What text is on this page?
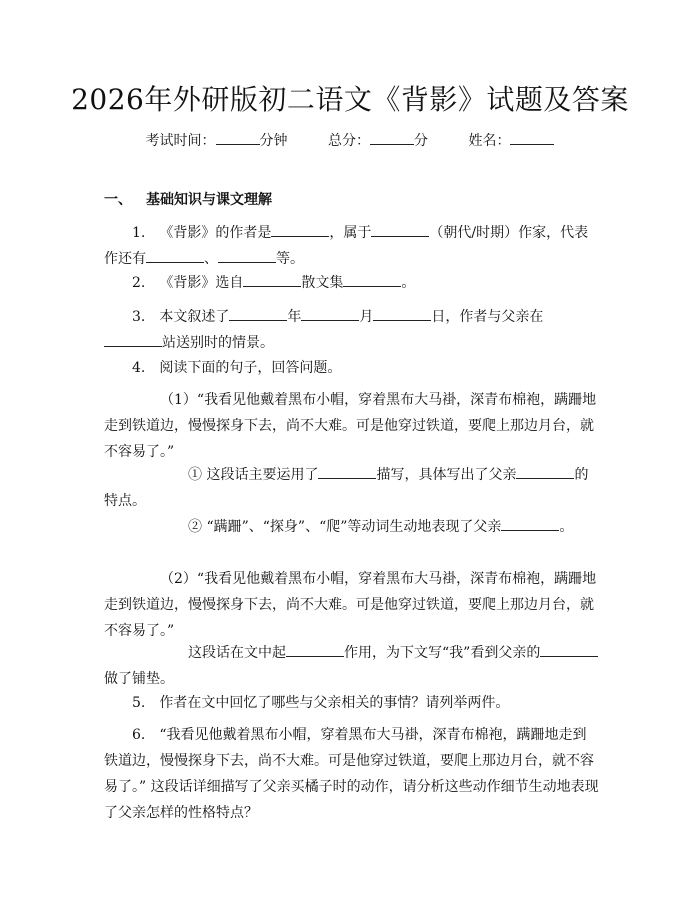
2026年外研版初二语文《背影》试题及答案
考试时间：	分钟	总分：	分	姓名：
一、 基础知识与课文理解
1. 《背影》的作者是	，属于	（朝代/时期）作家，代表作还有	、	等。
2. 《背影》选自	散文集	。
3. 本文叙述了	年	月	日，作者与父亲在站送别时的情景。
4. 阅读下面的句子，回答问题。
（1）“我看见他戴着黑布小帽，穿着黑布大马褂，深青布棉袍，蹒跚地走到铁道边，慢慢探身下去，尚不大难。可是他穿过铁道，要爬上那边月台，就不容易了。”
① 这段话主要运用了	描写，具体写出了父亲	的特点。
② “蹒跚”、“探身”、“爬”等动词生动地表现了父亲	。
（2）“我看见他戴着黑布小帽，穿着黑布大马褂，深青布棉袍，蹒跚地走到铁道边，慢慢探身下去，尚不大难。可是他穿过铁道，要爬上那边月台，就不容易了。”
这段话在文中起	作用，为下文写“我”看到父亲的做了铺垫。
5. 作者在文中回忆了哪些与父亲相关的事情？请列举两件。
6. “我看见他戴着黑布小帽，穿着黑布大马褂，深青布棉袍，蹒跚地走到铁道边，慢慢探身下去，尚不大难。可是他穿过铁道，要爬上那边月台，就不容易了。” 这段话详细描写了父亲买橘子时的动作，请分析这些动作细节生动地表现了父亲怎样的性格特点？
